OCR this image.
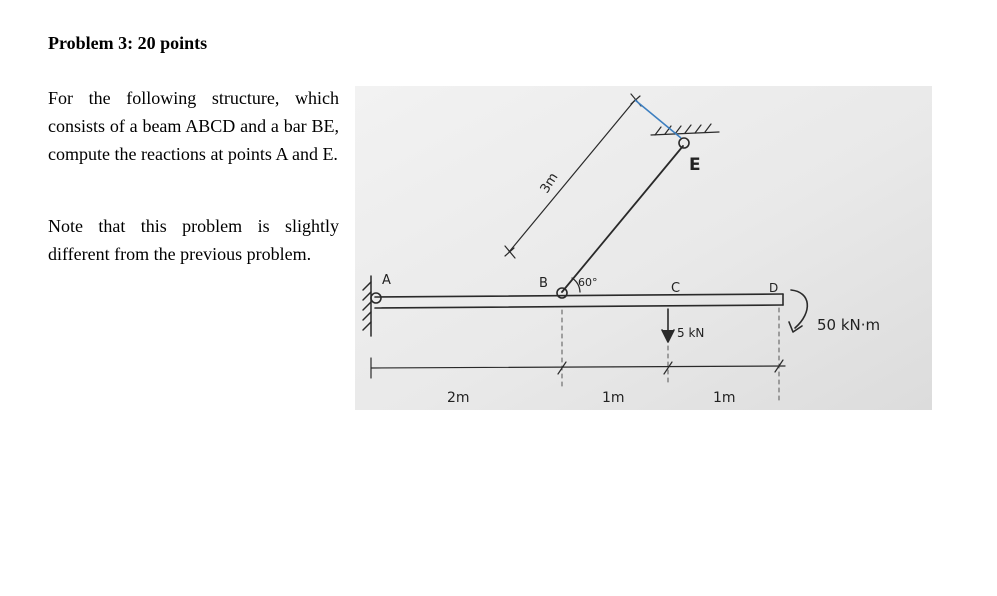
Problem 3: 20 points

For the following structure, which consists of a beam ABCD and a bar BE, compute the reactions at points A and E.

Note that this problem is slightly different from the previous problem.

A	B	C	D
E
60°
3m
5 kN	50 kN·m
2m	1m	1m
